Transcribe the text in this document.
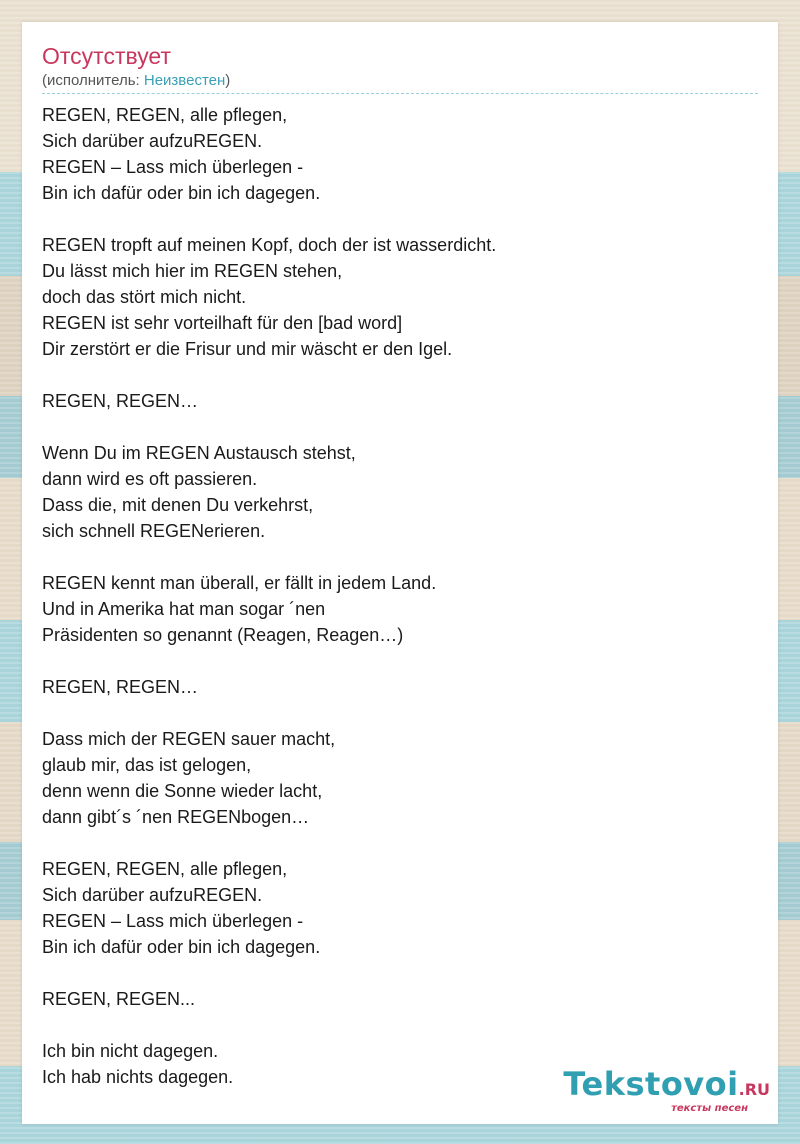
Отсутствует
(исполнитель: Неизвестен)
REGEN, REGEN, alle pflegen,
Sich darüber aufzuREGEN.
REGEN – Lass mich überlegen -
Bin ich dafür oder bin ich dagegen.
REGEN tropft auf meinen Kopf, doch der ist wasserdicht.
Du lässt mich hier im REGEN stehen,
doch das stört mich nicht.
REGEN ist sehr vorteilhaft für den [bad word]
Dir zerstört er die Frisur und mir wäscht er den Igel.
REGEN, REGEN…
Wenn Du im REGEN Austausch stehst,
dann wird es oft passieren.
Dass die, mit denen Du verkehrst,
sich schnell REGENerieren.
REGEN kennt man überall, er fällt in jedem Land.
Und in Amerika hat man sogar ´nen
Präsidenten so genannt (Reagen, Reagen…)
REGEN, REGEN…
Dass mich der REGEN sauer macht,
glaub mir, das ist gelogen,
denn wenn die Sonne wieder lacht,
dann gibt´s ´nen REGENbogen…
REGEN, REGEN, alle pflegen,
Sich darüber aufzuREGEN.
REGEN – Lass mich überlegen -
Bin ich dafür oder bin ich dagegen.
REGEN, REGEN...
Ich bin nicht dagegen.
Ich hab nichts dagegen.	Tekstovoi.RU
тексты песен
